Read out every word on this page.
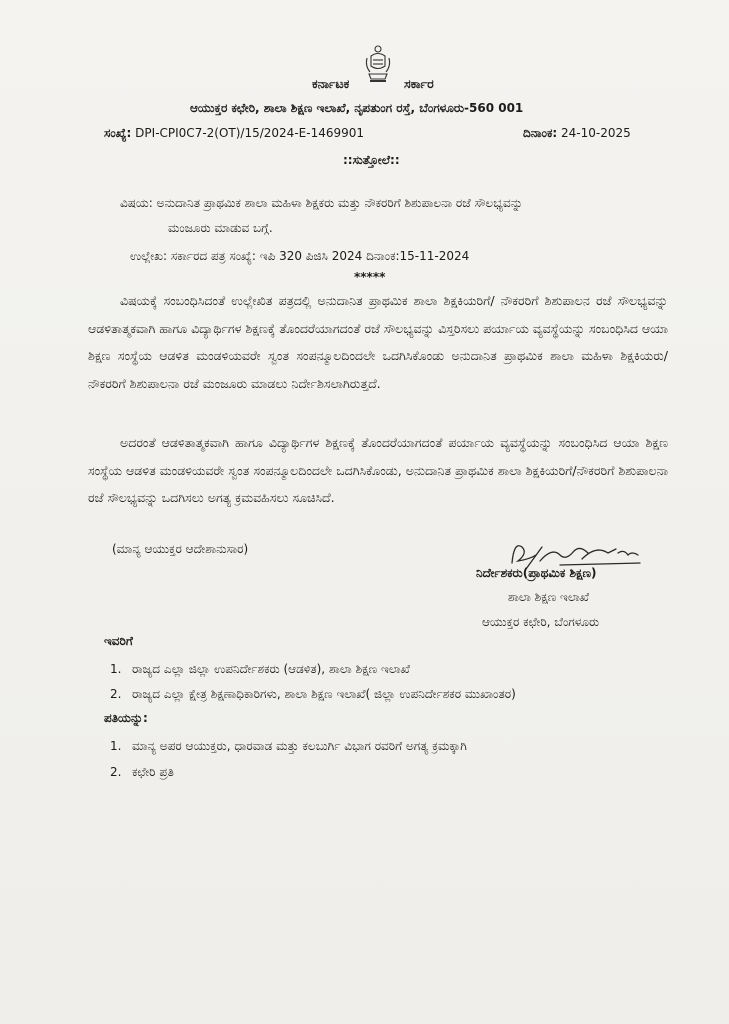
ಕರ್ನಾಟಕ	ಸರ್ಕಾರ
ಆಯುಕ್ತರ ಕಛೇರಿ, ಶಾಲಾ ಶಿಕ್ಷಣ ಇಲಾಖೆ, ನೃಪತುಂಗ ರಸ್ತೆ, ಬೆಂಗಳೂರು-560 001
ಸಂಖ್ಯೆ: DPI-CPI0C7-2(OT)/15/2024-E-1469901	ದಿನಾಂಕ: 24-10-2025
::ಸುತ್ತೋಲೆ::
ವಿಷಯ: ಅನುದಾನಿತ ಪ್ರಾಥಮಿಕ ಶಾಲಾ ಮಹಿಳಾ ಶಿಕ್ಷಕರು ಮತ್ತು ನೌಕರರಿಗೆ ಶಿಶುಪಾಲನಾ ರಜೆ ಸೌಲಭ್ಯವನ್ನು
ಮಂಜೂರು ಮಾಡುವ ಬಗ್ಗೆ.
ಉಲ್ಲೇಖ: ಸರ್ಕಾರದ ಪತ್ರ ಸಂಖ್ಯೆ: ಇಪಿ 320 ಪಿಜಿಸಿ 2024 ದಿನಾಂಕ:15-11-2024
*****
ವಿಷಯಕ್ಕೆ ಸಂಬಂಧಿಸಿದಂತೆ ಉಲ್ಲೇಖಿತ ಪತ್ರದಲ್ಲಿ ಅನುದಾನಿತ ಪ್ರಾಥಮಿಕ ಶಾಲಾ ಶಿಕ್ಷಕಿಯರಿಗೆ/ ನೌಕರರಿಗೆ ಶಿಶುಪಾಲನ ರಜೆ ಸೌಲಭ್ಯವನ್ನು ಆಡಳಿತಾತ್ಮಕವಾಗಿ ಹಾಗೂ ವಿದ್ಯಾರ್ಥಿಗಳ ಶಿಕ್ಷಣಕ್ಕೆ ತೊಂದರೆಯಾಗದಂತೆ ರಜೆ ಸೌಲಭ್ಯವನ್ನು ವಿಸ್ತರಿಸಲು ಪರ್ಯಾಯ ವ್ಯವಸ್ಥೆಯನ್ನು ಸಂಬಂಧಿಸಿದ ಆಯಾ ಶಿಕ್ಷಣ ಸಂಸ್ಥೆಯ ಆಡಳಿತ ಮಂಡಳಿಯವರೇ ಸ್ವಂತ ಸಂಪನ್ಮೂಲದಿಂದಲೇ ಒದಗಿಸಿಕೊಂಡು ಅನುದಾನಿತ ಪ್ರಾಥಮಿಕ ಶಾಲಾ ಮಹಿಳಾ ಶಿಕ್ಷಕಿಯರು/ನೌಕರರಿಗೆ ಶಿಶುಪಾಲನಾ ರಜೆ ಮಂಜೂರು ಮಾಡಲು ನಿರ್ದೇಶಿಸಲಾಗಿರುತ್ತದೆ.
ಅದರಂತೆ ಆಡಳಿತಾತ್ಮಕವಾಗಿ ಹಾಗೂ ವಿದ್ಯಾರ್ಥಿಗಳ ಶಿಕ್ಷಣಕ್ಕೆ ತೊಂದರೆಯಾಗದಂತೆ ಪರ್ಯಾಯ ವ್ಯವಸ್ಥೆಯನ್ನು ಸಂಬಂಧಿಸಿದ ಆಯಾ ಶಿಕ್ಷಣ ಸಂಸ್ಥೆಯ ಆಡಳಿತ ಮಂಡಳಿಯವರೇ ಸ್ವಂತ ಸಂಪನ್ಮೂಲದಿಂದಲೇ ಒದಗಿಸಿಕೊಂಡು, ಅನುದಾನಿತ ಪ್ರಾಥಮಿಕ ಶಾಲಾ ಶಿಕ್ಷಕಿಯರಿಗೆ/ನೌಕರರಿಗೆ ಶಿಶುಪಾಲನಾ ರಜೆ ಸೌಲಭ್ಯವನ್ನು ಒದಗಿಸಲು ಅಗತ್ಯ ಕ್ರಮವಹಿಸಲು ಸೂಚಿಸಿದೆ.
(ಮಾನ್ಯ ಆಯುಕ್ತರ ಆದೇಶಾನುಸಾರ)
ನಿರ್ದೇಶಕರು(ಪ್ರಾಥಮಿಕ ಶಿಕ್ಷಣ)
ಶಾಲಾ ಶಿಕ್ಷಣ ಇಲಾಖೆ
ಆಯುಕ್ತರ ಕಛೇರಿ, ಬೆಂಗಳೂರು
ಇವರಿಗೆ
1. ರಾಜ್ಯದ ಎಲ್ಲಾ ಜಿಲ್ಲಾ ಉಪನಿರ್ದೇಶಕರು (ಆಡಳಿತ), ಶಾಲಾ ಶಿಕ್ಷಣ ಇಲಾಖೆ
2. ರಾಜ್ಯದ ಎಲ್ಲಾ ಕ್ಷೇತ್ರ ಶಿಕ್ಷಣಾಧಿಕಾರಿಗಳು, ಶಾಲಾ ಶಿಕ್ಷಣ ಇಲಾಖೆ( ಜಿಲ್ಲಾ ಉಪನಿರ್ದೇಶಕರ ಮುಖಾಂತರ)
ಪತಿಯನ್ನು:
1. ಮಾನ್ಯ ಅಪರ ಆಯುಕ್ತರು, ಧಾರವಾಡ ಮತ್ತು ಕಲಬುರ್ಗಿ ವಿಭಾಗ ರವರಿಗೆ ಅಗತ್ಯ ಕ್ರಮಕ್ಕಾಗಿ
2. ಕಛೇರಿ ಪ್ರತಿ
